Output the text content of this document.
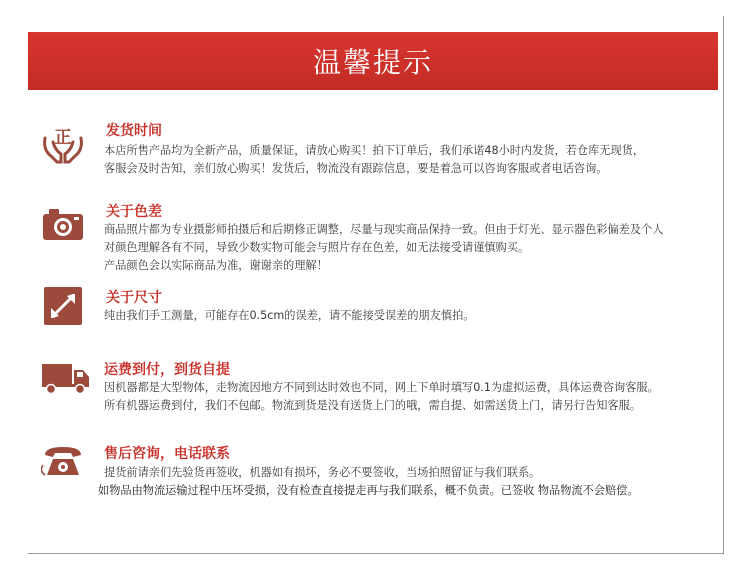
温馨提示
正 发货时间
本店所售产品均为全新产品，质量保证，请放心购买！拍下订单后，我们承诺48小时内发货，若仓库无现货，
客服会及时告知，亲们放心购买！发货后，物流没有跟踪信息，要是着急可以咨询客服或者电话咨询。
关于色差
商品照片都为专业摄影师拍摄后和后期修正调整，尽量与现实商品保持一致。但由于灯光、显示器色彩偏差及个人
对颜色理解各有不同，导致少数实物可能会与照片存在色差，如无法接受请谨慎购买。
产品颜色会以实际商品为准，谢谢亲的理解！
关于尺寸
纯由我们手工测量，可能存在0.5cm的误差，请不能接受误差的朋友慎拍。
运费到付，到货自提
因机器都是大型物体，走物流因地方不同到达时效也不同，网上下单时填写0.1为虚拟运费，具体运费咨询客服。
所有机器运费到付，我们不包邮。物流到货是没有送货上门的哦，需自提、如需送货上门，请另行告知客服。
售后咨询，电话联系
提货前请亲们先验货再签收，机器如有损坏，务必不要签收，当场拍照留证与我们联系。
如物品由物流运输过程中压坏受损，没有检查直接提走再与我们联系，概不负责。已签收 物品物流不会赔偿。
